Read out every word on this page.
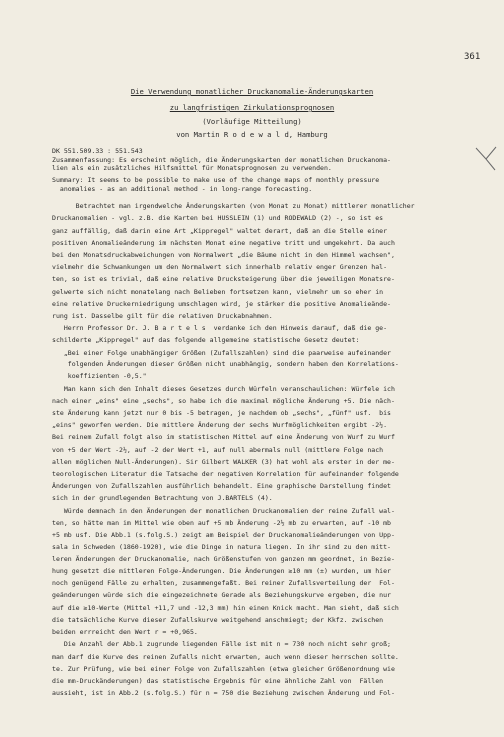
361
Die Verwendung monatlicher Druckanomalie-Änderungskarten
zu langfristigen Zirkulationsprognosen
(Vorläufige Mitteilung)
von Martin R o d e w a l d, Hamburg
DK 551.509.33 : 551.543
Zusammenfassung: Es erscheint möglich, die Änderungskarten der monatlichen Druckanoma-
lien als ein zusätzliches Hilfsmittel für Monatsprognosen zu verwenden.
Summary: It seems to be possible to make use of the change maps of monthly pressure
anomalies - as an additional method - in long-range forecasting.
Betrachtet man irgendwelche Änderungskarten (von Monat zu Monat) mittlerer monatlicher
Druckanomalien - vgl. z.B. die Karten bei HUSSLEIN (1) und RODEWALD (2) -, so ist es
ganz auffällig, daß darin eine Art „Kippregel" waltet derart, daß an die Stelle einer
positiven Anomalieänderung im nächsten Monat eine negative tritt und umgekehrt. Da auch
bei den Monatsdruckabweichungen vom Normalwert „die Bäume nicht in den Himmel wachsen",
vielmehr die Schwankungen um den Normalwert sich innerhalb relativ enger Grenzen hal-
ten, so ist es trivial, daß eine relative Drucksteigerung über die jeweiligen Monatsre-
gelwerte sich nicht monatelang nach Belieben fortsetzen kann, vielmehr um so eher in
eine relative Druckerniedrigung umschlagen wird, je stärker die positive Anomalieände-
rung ist. Dasselbe gilt für die relativen Druckabnahmen.
Herrn Professor Dr. J. B a r t e l s  verdanke ich den Hinweis darauf, daß die ge-
schilderte „Kippregel" auf das folgende allgemeine statistische Gesetz deutet:
„Bei einer Folge unabhängiger Größen (Zufallszahlen) sind die paarweise aufeinander
folgenden Änderungen dieser Größen nicht unabhängig, sondern haben den Korrelations-
koeffizienten -0,5."
Man kann sich den Inhalt dieses Gesetzes durch Würfeln veranschaulichen: Würfele ich
nach einer „eins" eine „sechs", so habe ich die maximal mögliche Änderung +5. Die näch-
ste Änderung kann jetzt nur 0 bis -5 betragen, je nachdem ob „sechs", „fünf" usf.  bis
„eins" geworfen werden. Die mittlere Änderung der sechs Wurfmöglichkeiten ergibt -2½.
Bei reinem Zufall folgt also im statistischen Mittel auf eine Änderung von Wurf zu Wurf
von +5 der Wert -2½, auf -2 der Wert +1, auf null abermals null (mittlere Folge nach
allen möglichen Null-Änderungen). Sir Gilbert WALKER (3) hat wohl als erster in der me-
teorologischen Literatur die Tatsache der negativen Korrelation für aufeinander folgende
Änderungen von Zufallszahlen ausführlich behandelt. Eine graphische Darstellung findet
sich in der grundlegenden Betrachtung von J.BARTELS (4).
Würde demnach in den Änderungen der monatlichen Druckanomalien der reine Zufall wal-
ten, so hätte man im Mittel wie oben auf +5 mb Änderung -2½ mb zu erwarten, auf -10 mb
+5 mb usf. Die Abb.1 (s.folg.S.) zeigt am Beispiel der Druckanomalieänderungen von Upp-
sala in Schweden (1860-1920), wie die Dinge in natura liegen. In ihr sind zu den mitt-
leren Änderungen der Druckanomalie, nach Größenstufen von ganzen mm geordnet, in Bezie-
hung gesetzt die mittleren Folge-Änderungen. Die Änderungen ≥10 mm (±) wurden, um hier
noch genügend Fälle zu erhalten, zusammengefaßt. Bei reiner Zufallsverteilung der  Fol-
geänderungen würde sich die eingezeichnete Gerade als Beziehungskurve ergeben, die nur
auf die ≥10-Werte (Mittel +11,7 und -12,3 mm) hin einen Knick macht. Man sieht, daß sich
die tatsächliche Kurve dieser Zufallskurve weitgehend anschmiegt; der Kkfz. zwischen
beiden errreicht den Wert r = +0,965.
Die Anzahl der Abb.1 zugrunde liegenden Fälle ist mit n = 730 noch nicht sehr groß;
man darf die Kurve des reinen Zufalls nicht erwarten, auch wenn dieser herrschen sollte.
te. Zur Prüfung, wie bei einer Folge von Zufallszahlen (etwa gleicher Größenordnung wie
die mm-Druckänderungen) das statistische Ergebnis für eine ähnliche Zahl von  Fällen
aussieht, ist in Abb.2 (s.folg.S.) für n = 750 die Beziehung zwischen Änderung und Fol-
